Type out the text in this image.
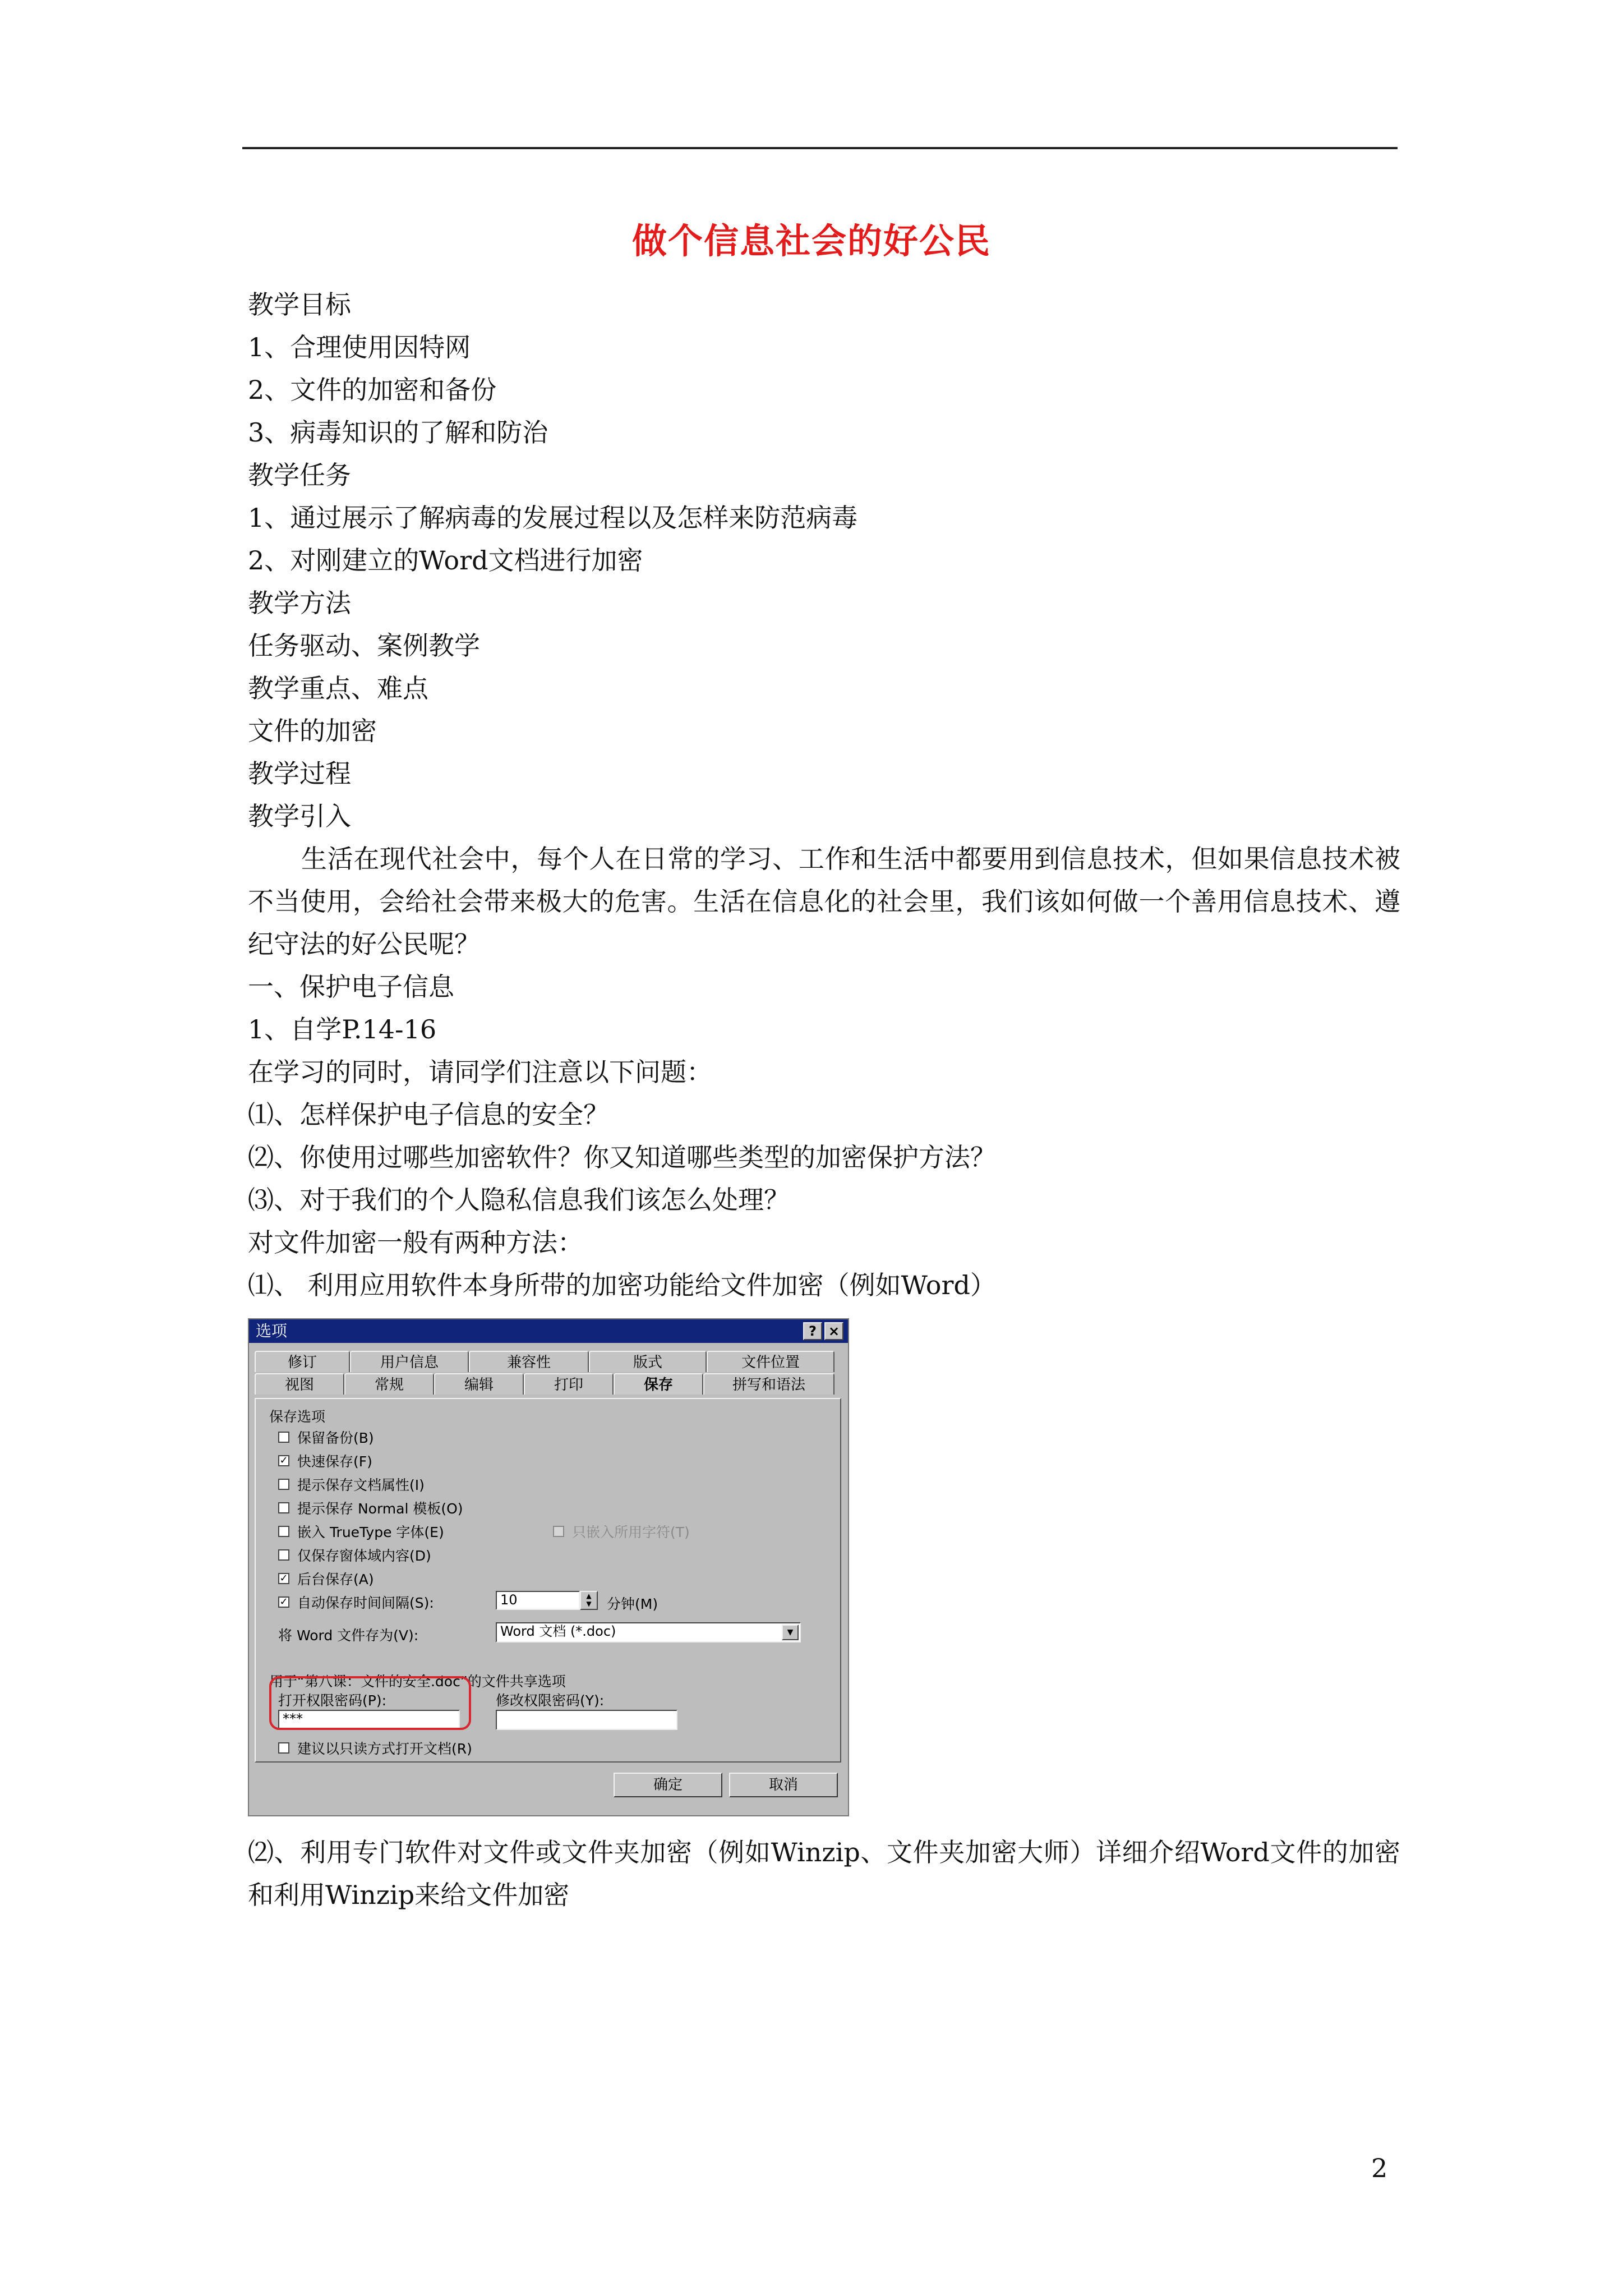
做个信息社会的好公民
教学目标
1、合理使用因特网
2、文件的加密和备份
3、病毒知识的了解和防治
教学任务
1、通过展示了解病毒的发展过程以及怎样来防范病毒
2、对刚建立的Word文档进行加密
教学方法
任务驱动、案例教学
教学重点、难点
文件的加密
教学过程
教学引入
生活在现代社会中，每个人在日常的学习、工作和生活中都要用到信息技术，但如果信息技术被不当使用，会给社会带来极大的危害。生活在信息化的社会里，我们该如何做一个善用信息技术、遵纪守法的好公民呢？
一、保护电子信息
1、自学P.14-16
在学习的同时，请同学们注意以下问题：
⑴、怎样保护电子信息的安全？
⑵、你使用过哪些加密软件？你又知道哪些类型的加密保护方法？
⑶、对于我们的个人隐私信息我们该怎么处理？
对文件加密一般有两种方法：
⑴、 利用应用软件本身所带的加密功能给文件加密（例如Word）
选项	? ×
修订	用户信息	兼容性	版式	文件位置
视图	常规	编辑	打印	保存	拼写和语法
保存选项
保留备份(B)
✓ 快速保存(F)
提示保存文档属性(I)
提示保存 Normal 模板(O)
嵌入 TrueType 字体(E)	只嵌入所用字符(T)
仅保存窗体域内容(D)
✓ 后台保存(A)
✓ 自动保存时间间隔(S):	10	▲
▼	分钟(M)
将 Word 文件存为(V):	Word 文档 (*.doc)	▼
用于“第八课：文件的安全.doc”的文件共享选项
打开权限密码(P):
***
修改权限密码(Y):
建议以只读方式打开文档(R)
确定	取消
⑵、利用专门软件对文件或文件夹加密（例如Winzip、文件夹加密大师）详细介绍Word文件的加密和利用Winzip来给文件加密
2
